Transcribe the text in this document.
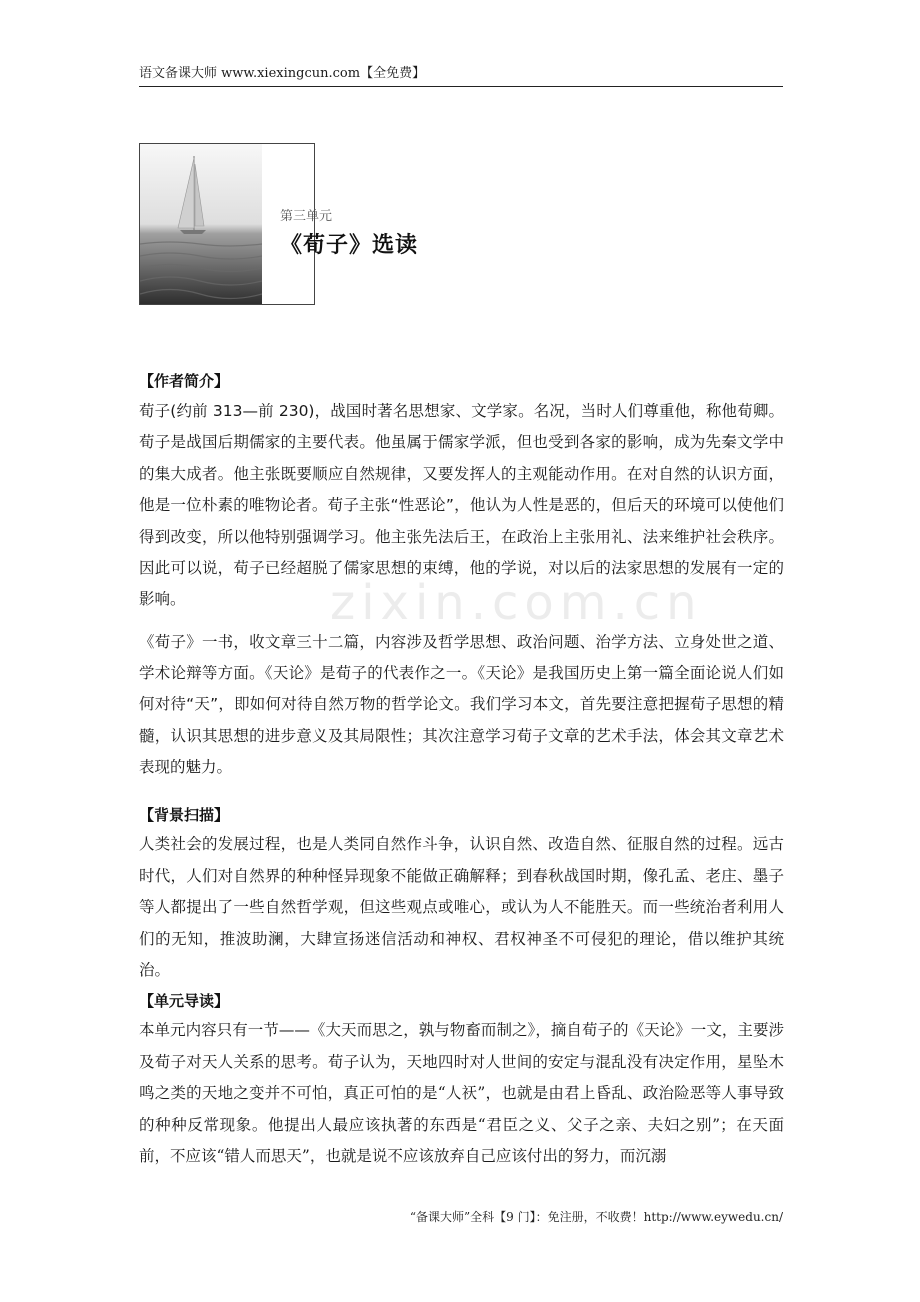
语文备课大师 www.xiexingcun.com【全免费】
第三单元
《荀子》选读
zixin.com.cn
【作者简介】

荀子(约前 313—前 230)，战国时著名思想家、文学家。名况，当时人们尊重他，称他荀卿。荀子是战国后期儒家的主要代表。他虽属于儒家学派，但也受到各家的影响，成为先秦文学中的集大成者。他主张既要顺应自然规律，又要发挥人的主观能动作用。在对自然的认识方面，他是一位朴素的唯物论者。荀子主张“性恶论”，他认为人性是恶的，但后天的环境可以使他们得到改变，所以他特别强调学习。他主张先法后王，在政治上主张用礼、法来维护社会秩序。因此可以说，荀子已经超脱了儒家思想的束缚，他的学说，对以后的法家思想的发展有一定的影响。

《荀子》一书，收文章三十二篇，内容涉及哲学思想、政治问题、治学方法、立身处世之道、学术论辩等方面。《天论》是荀子的代表作之一。《天论》是我国历史上第一篇全面论说人们如何对待“天”，即如何对待自然万物的哲学论文。我们学习本文，首先要注意把握荀子思想的精髓，认识其思想的进步意义及其局限性；其次注意学习荀子文章的艺术手法，体会其文章艺术表现的魅力。

【背景扫描】

人类社会的发展过程，也是人类同自然作斗争，认识自然、改造自然、征服自然的过程。远古时代，人们对自然界的种种怪异现象不能做正确解释；到春秋战国时期，像孔孟、老庄、墨子等人都提出了一些自然哲学观，但这些观点或唯心，或认为人不能胜天。而一些统治者利用人们的无知，推波助澜，大肆宣扬迷信活动和神权、君权神圣不可侵犯的理论，借以维护其统治。

【单元导读】

本单元内容只有一节——《大天而思之，孰与物畜而制之》，摘自荀子的《天论》一文，主要涉及荀子对天人关系的思考。荀子认为，天地四时对人世间的安定与混乱没有决定作用，星坠木鸣之类的天地之变并不可怕，真正可怕的是“人祆”，也就是由君上昏乱、政治险恶等人事导致的种种反常现象。他提出人最应该执著的东西是“君臣之义、父子之亲、夫妇之别”；在天面前，不应该“错人而思天”，也就是说不应该放弃自己应该付出的努力，而沉溺

“备课大师”全科【9 门】：免注册，不收费！http://www.eywedu.cn/
